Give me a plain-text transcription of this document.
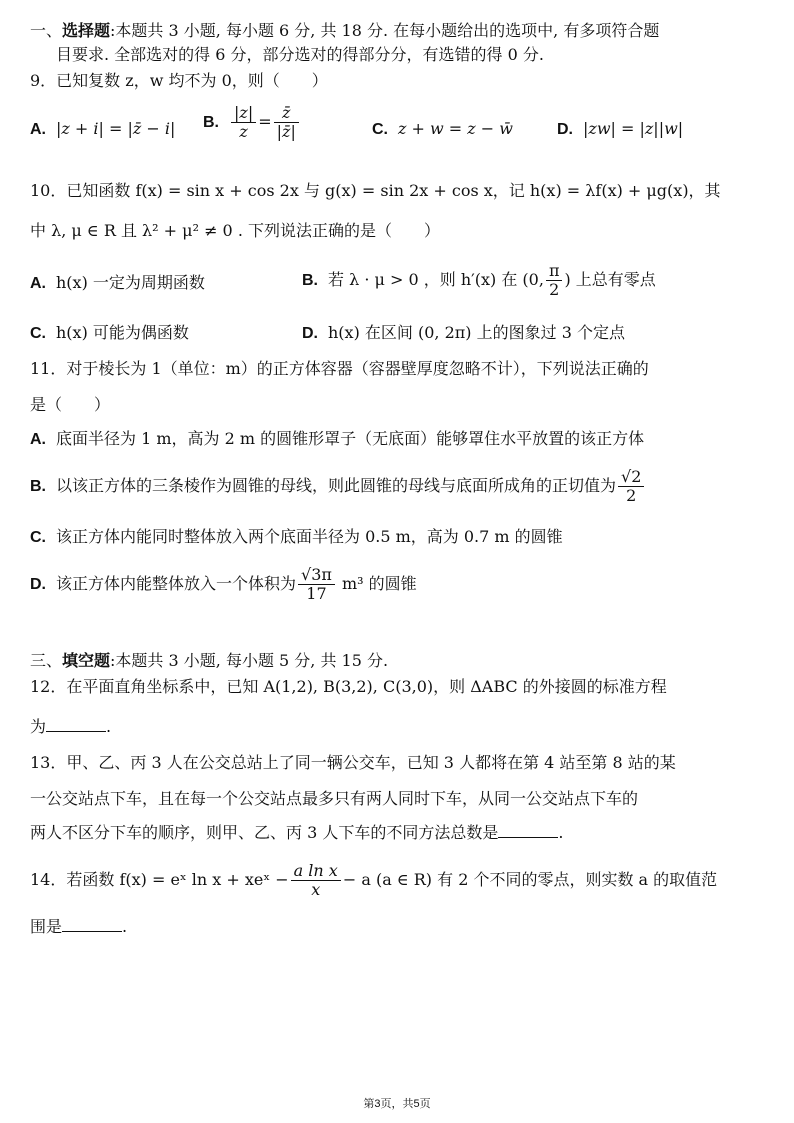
一、选择题:本题共 3 小题, 每小题 6 分, 共 18 分. 在每小题给出的选项中, 有多项符合题
目要求. 全部选对的得 6 分，部分选对的得部分分，有选错的得 0 分.
9．已知复数 z，w 均不为 0，则（　　）
A. |z + i| = |z̄ − i| B. $\frac{|z|}{z} = \frac{z̄}{|z̄|}$	C. z + w = z − w̄	D. |zw| = |z||w|
10．已知函数 f(x) = sin x + cos 2x 与 g(x) = sin 2x + cos x，记 h(x) = λf(x) + μg(x)，其
中 λ, μ ∈ R 且 λ² + μ² ≠ 0 . 下列说法正确的是（　　）
A. h(x) 一定为周期函数	B. 若 λ · μ > 0 ，则 h′(x) 在 (0, $\frac{\pi}{2}$ ) 上总有零点
C. h(x) 可能为偶函数	D. h(x) 在区间 (0, 2π) 上的图象过 3 个定点
11．对于棱长为 1（单位：m）的正方体容器（容器壁厚度忽略不计），下列说法正确的
是（　　）
A. 底面半径为 1 m，高为 2 m 的圆锥形罩子（无底面）能够罩住水平放置的该正方体
B. 以该正方体的三条棱作为圆锥的母线，则此圆锥的母线与底面所成角的正切值为 $\frac{√2}{2}$
C. 该正方体内能同时整体放入两个底面半径为 0.5 m，高为 0.7 m 的圆锥
D. 该正方体内能整体放入一个体积为 $\frac{√3\pi}{17} m^3$ 的圆锥
三、填空题:本题共 3 小题, 每小题 5 分, 共 15 分.
12．在平面直角坐标系中，已知 A(1,2), B(3,2), C(3,0)，则 ΔABC 的外接圆的标准方程
为	.
13．甲、乙、丙 3 人在公交总站上了同一辆公交车，已知 3 人都将在第 4 站至第 8 站的某
一公交站点下车，且在每一个公交站点最多只有两人同时下车，从同一公交站点下车的
两人不区分下车的顺序，则甲、乙、丙 3 人下车的不同方法总数是	.
14．若函数 f(x) = eˣ ln x + xeˣ − $\frac{\text{a ln x}}{x} - a$ (a ∈ R) 有 2 个不同的零点，则实数 a 的取值范
围是	.
第3页，共5页
